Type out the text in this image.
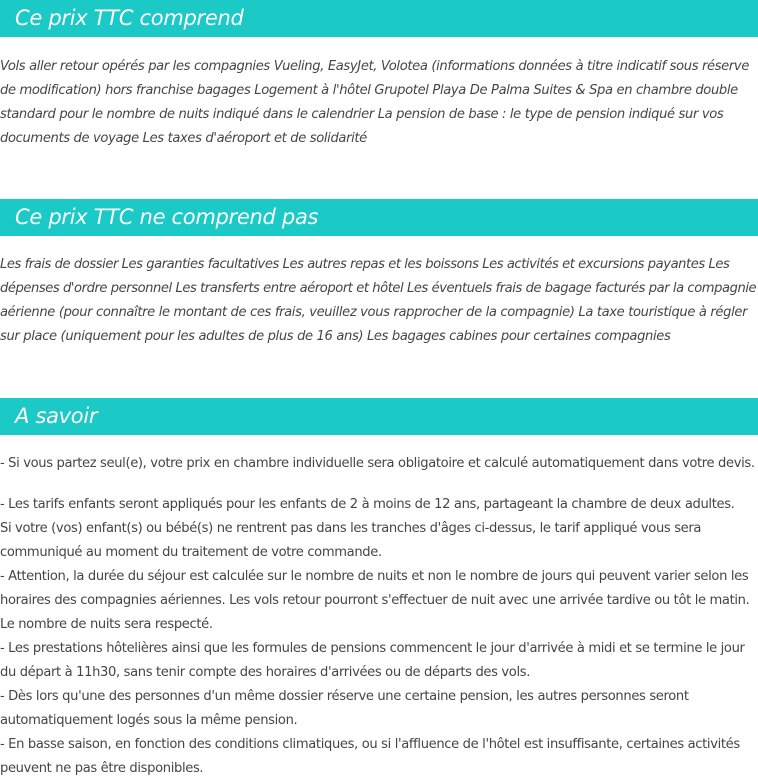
Ce prix TTC comprend

Vols aller retour opérés par les compagnies Vueling, EasyJet, Volotea (informations données à titre indicatif sous réserve
de modification) hors franchise bagages Logement à l'hôtel Grupotel Playa De Palma Suites & Spa en chambre double
standard pour le nombre de nuits indiqué dans le calendrier La pension de base : le type de pension indiqué sur vos
documents de voyage Les taxes d'aéroport et de solidarité

Ce prix TTC ne comprend pas

Les frais de dossier Les garanties facultatives Les autres repas et les boissons Les activités et excursions payantes Les
dépenses d'ordre personnel Les transferts entre aéroport et hôtel Les éventuels frais de bagage facturés par la compagnie
aérienne (pour connaître le montant de ces frais, veuillez vous rapprocher de la compagnie) La taxe touristique à régler
sur place (uniquement pour les adultes de plus de 16 ans) Les bagages cabines pour certaines compagnies

A savoir

- Si vous partez seul(e), votre prix en chambre individuelle sera obligatoire et calculé automatiquement dans votre devis.

- Les tarifs enfants seront appliqués pour les enfants de 2 à moins de 12 ans, partageant la chambre de deux adultes.
Si votre (vos) enfant(s) ou bébé(s) ne rentrent pas dans les tranches d'âges ci-dessus, le tarif appliqué vous sera
communiqué au moment du traitement de votre commande.
- Attention, la durée du séjour est calculée sur le nombre de nuits et non le nombre de jours qui peuvent varier selon les
horaires des compagnies aériennes. Les vols retour pourront s'effectuer de nuit avec une arrivée tardive ou tôt le matin.
Le nombre de nuits sera respecté.
- Les prestations hôtelières ainsi que les formules de pensions commencent le jour d'arrivée à midi et se termine le jour
du départ à 11h30, sans tenir compte des horaires d'arrivées ou de départs des vols.
- Dès lors qu'une des personnes d'un même dossier réserve une certaine pension, les autres personnes seront
automatiquement logés sous la même pension.
- En basse saison, en fonction des conditions climatiques, ou si l'affluence de l'hôtel est insuffisante, certaines activités
peuvent ne pas être disponibles.
